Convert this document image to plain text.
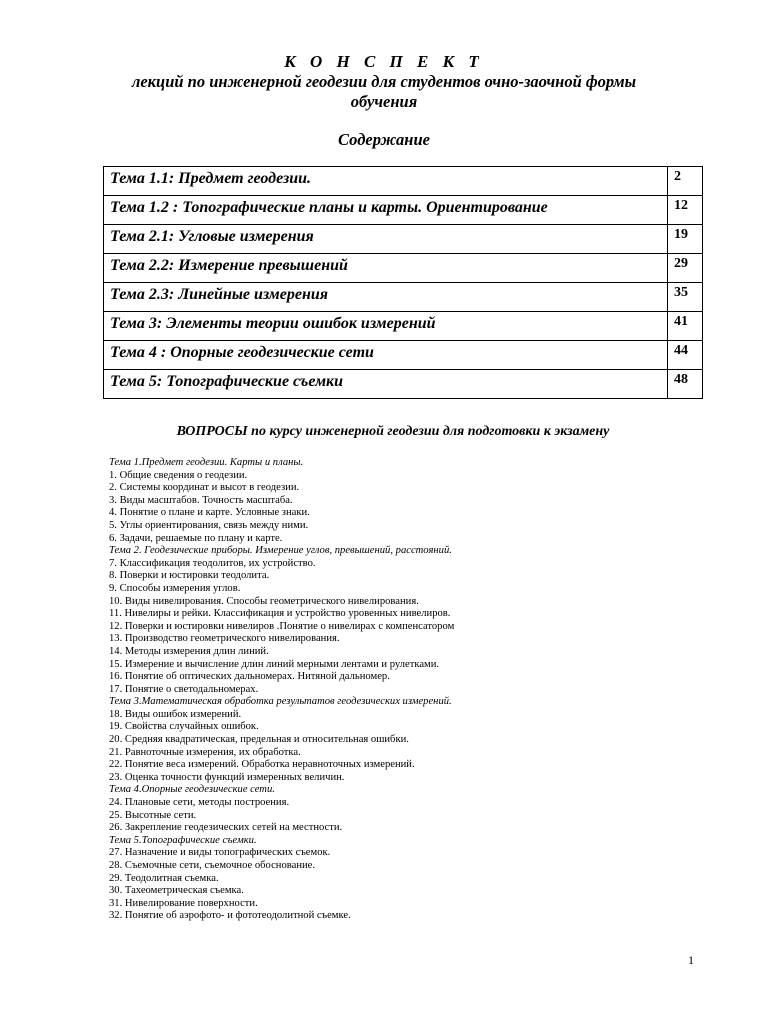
К О Н С П Е К Т
лекций по инженерной геодезии для студентов очно-заочной формы
обучения
Содержание
Тема 1.1: Предмет геодезии.	2
Тема 1.2 : Топографические планы и карты. Ориентирование	12
Тема 2.1: Угловые измерения	19
Тема 2.2: Измерение превышений	29
Тема 2.3: Линейные измерения	35
Тема 3: Элементы теории ошибок измерений	41
Тема 4 : Опорные геодезические сети	44
Тема 5: Топографические съемки	48
ВОПРОСЫ по курсу инженерной геодезии для подготовки к экзамену
Тема 1.Предмет геодезии. Карты и планы.
1. Общие сведения о геодезии.
2. Системы координат и высот в геодезии.
3. Виды масштабов. Точность масштаба.
4. Понятие о плане и карте. Условные знаки.
5. Углы ориентирования, связь между ними.
6. Задачи, решаемые по плану и карте.
Тема 2. Геодезические приборы. Измерение углов, превышений, расстояний.
7. Классификация теодолитов, их устройство.
8. Поверки и юстировки теодолита.
9. Способы измерения углов.
10. Виды нивелирования. Способы геометрического нивелирования.
11. Нивелиры и рейки. Классификация и устройство уровенных нивелиров.
12. Поверки и юстировки нивелиров .Понятие о нивелирах с компенсатором
13. Производство геометрического нивелирования.
14. Методы измерения длин линий.
15. Измерение и вычисление длин линий мерными лентами и рулетками.
16. Понятие об оптических дальномерах. Нитяной дальномер.
17. Понятие о светодальномерах.
Тема 3.Математическая обработка результатов геодезических измерений.
18. Виды ошибок измерений.
19. Свойства случайных ошибок.
20. Средняя квадратическая, предельная и относительная ошибки.
21. Равноточные измерения, их обработка.
22. Понятие веса измерений. Обработка неравноточных измерений.
23. Оценка точности функций измеренных величин.
Тема 4.Опорные геодезические сети.
24. Плановые сети, методы построения.
25. Высотные сети.
26. Закрепление геодезических сетей на местности.
Тема 5.Топографические съемки.
27. Назначение и виды топографических съемок.
28. Съемочные сети, съемочное обоснование.
29. Теодолитная съемка.
30. Тахеометрическая съемка.
31. Нивелирование поверхности.
32. Понятие об аэрофото- и фототеодолитной съемке.
1
